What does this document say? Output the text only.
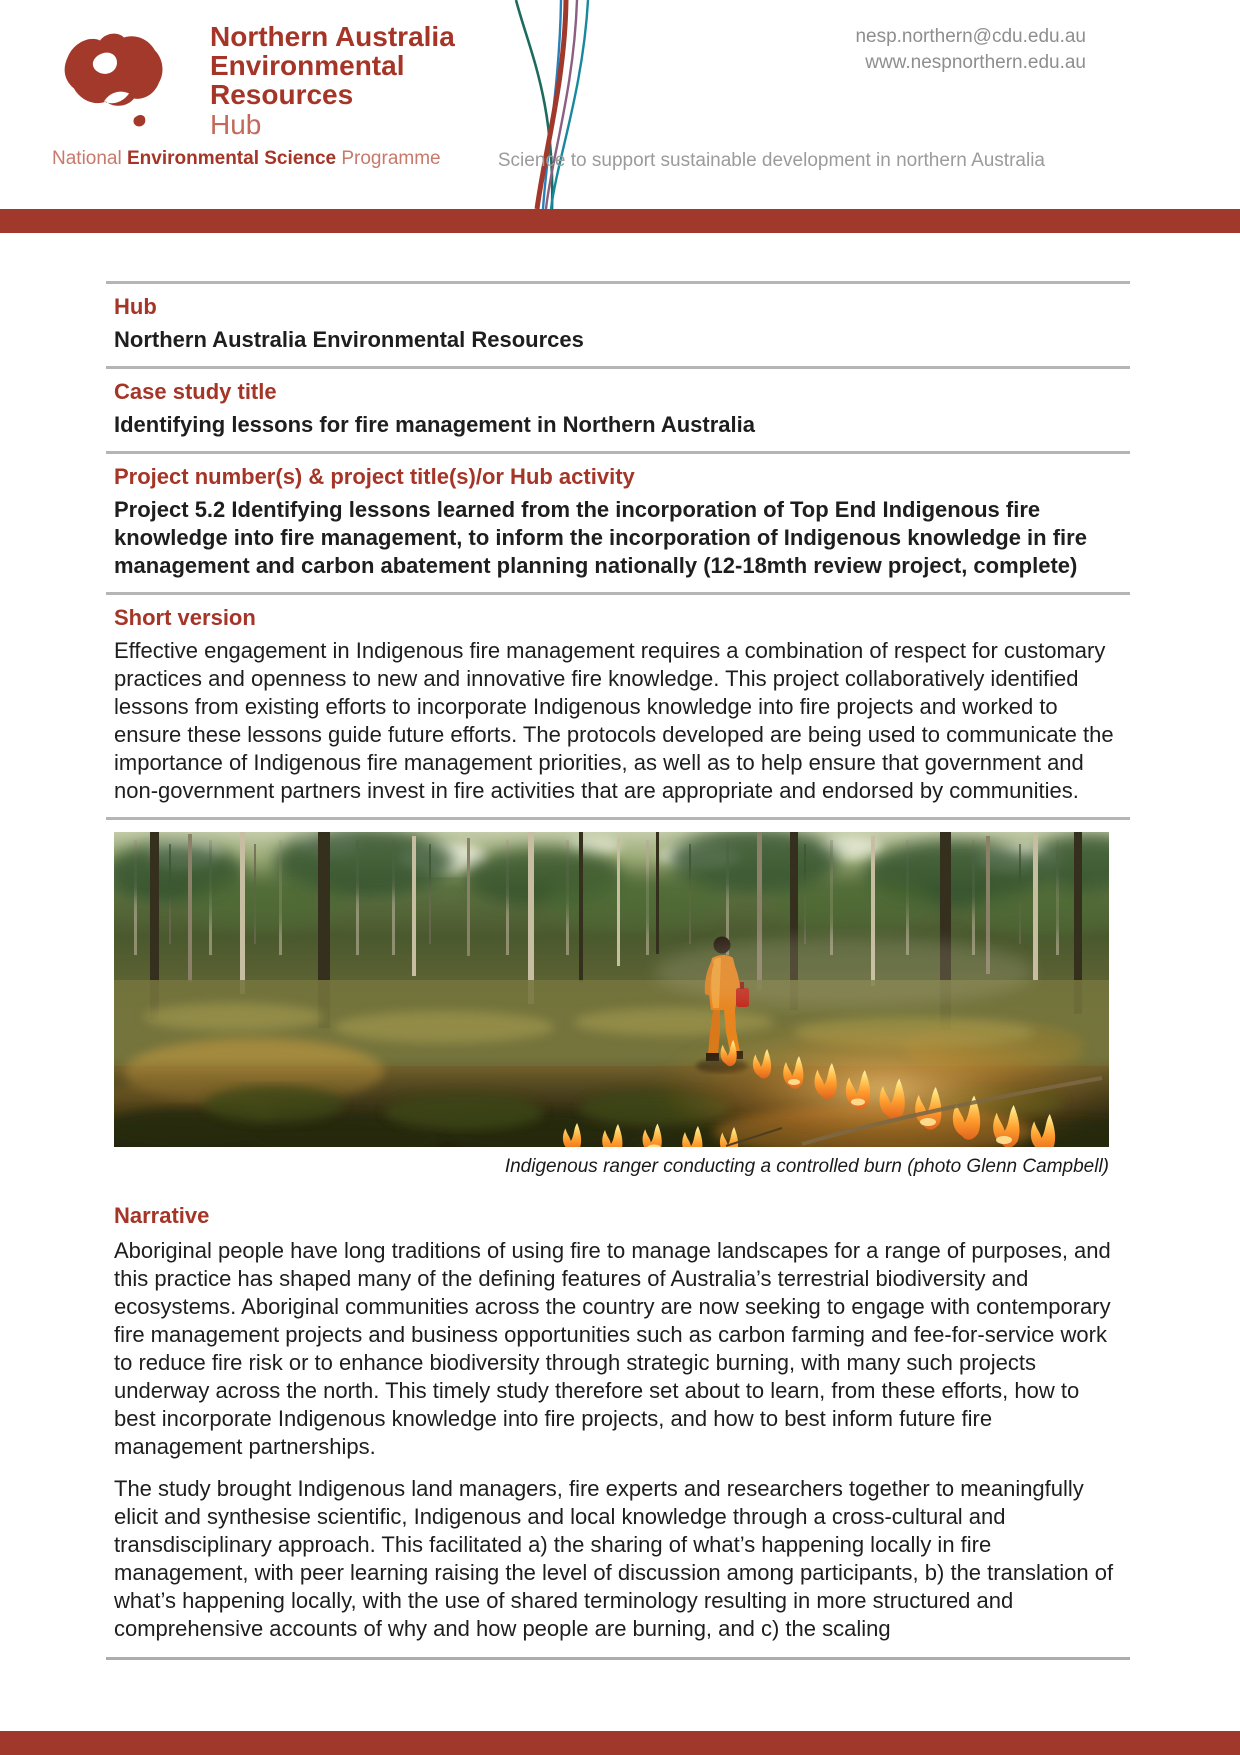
Northern Australia
Environmental
Resources
Hub
National Environmental Science Programme
nesp.northern@cdu.edu.au
www.nespnorthern.edu.au
Science to support sustainable development in northern Australia
Hub

Northern Australia Environmental Resources

Case study title

Identifying lessons for fire management in Northern Australia

Project number(s) & project title(s)/or Hub activity

Project 5.2 Identifying lessons learned from the incorporation of Top End Indigenous fire knowledge into fire management, to inform the incorporation of Indigenous knowledge in fire management and carbon abatement planning nationally (12-18mth review project, complete)

Short version

Effective engagement in Indigenous fire management requires a combination of respect for customary practices and openness to new and innovative fire knowledge. This project collaboratively identified lessons from existing efforts to incorporate Indigenous knowledge into fire projects and worked to ensure these lessons guide future efforts. The protocols developed are being used to communicate the importance of Indigenous fire management priorities, as well as to help ensure that government and non-government partners invest in fire activities that are appropriate and endorsed by communities.

Indigenous ranger conducting a controlled burn (photo Glenn Campbell)
Narrative

Aboriginal people have long traditions of using fire to manage landscapes for a range of purposes, and this practice has shaped many of the defining features of Australia’s terrestrial biodiversity and ecosystems. Aboriginal communities across the country are now seeking to engage with contemporary fire management projects and business opportunities such as carbon farming and fee-for-service work to reduce fire risk or to enhance biodiversity through strategic burning, with many such projects underway across the north. This timely study therefore set about to learn, from these efforts, how to best incorporate Indigenous knowledge into fire projects, and how to best inform future fire management partnerships.

The study brought Indigenous land managers, fire experts and researchers together to meaningfully elicit and synthesise scientific, Indigenous and local knowledge through a cross-cultural and transdisciplinary approach. This facilitated a) the sharing of what’s happening locally in fire management, with peer learning raising the level of discussion among participants, b) the translation of what’s happening locally, with the use of shared terminology resulting in more structured and comprehensive accounts of why and how people are burning, and c) the scaling
